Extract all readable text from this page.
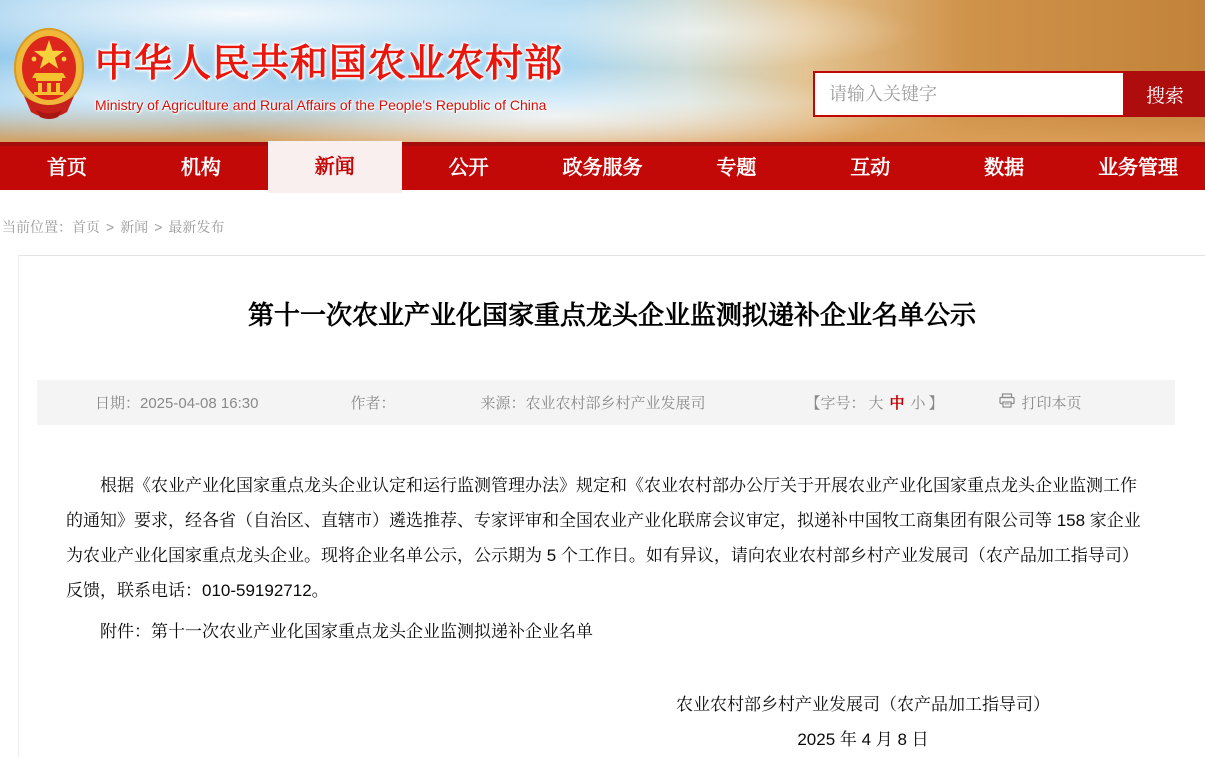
中华人民共和国农业农村部
Ministry of Agriculture and Rural Affairs of the People's Republic of China
请输入关键字	搜索
首页	机构	新闻	公开	政务服务	专题	互动	数据	业务管理
当前位置：首页 > 新闻 > 最新发布
第十一次农业产业化国家重点龙头企业监测拟递补企业名单公示
日期：2025-04-08 16:30	作者：	来源：农业农村部乡村产业发展司	【字号： 大 中 小 】	打印本页

根据《农业产业化国家重点龙头企业认定和运行监测管理办法》规定和《农业农村部办公厅关于开展农业产业化国家重点龙头企业监测工作的通知》要求，经各省（自治区、直辖市）遴选推荐、专家评审和全国农业产业化联席会议审定，拟递补中国牧工商集团有限公司等 158 家企业为农业产业化国家重点龙头企业。现将企业名单公示，公示期为 5 个工作日。如有异议，请向农业农村部乡村产业发展司（农产品加工指导司）反馈，联系电话：010-59192712。

附件：第十一次农业产业化国家重点龙头企业监测拟递补企业名单
农业农村部乡村产业发展司（农产品加工指导司）
2025 年 4 月 8 日
